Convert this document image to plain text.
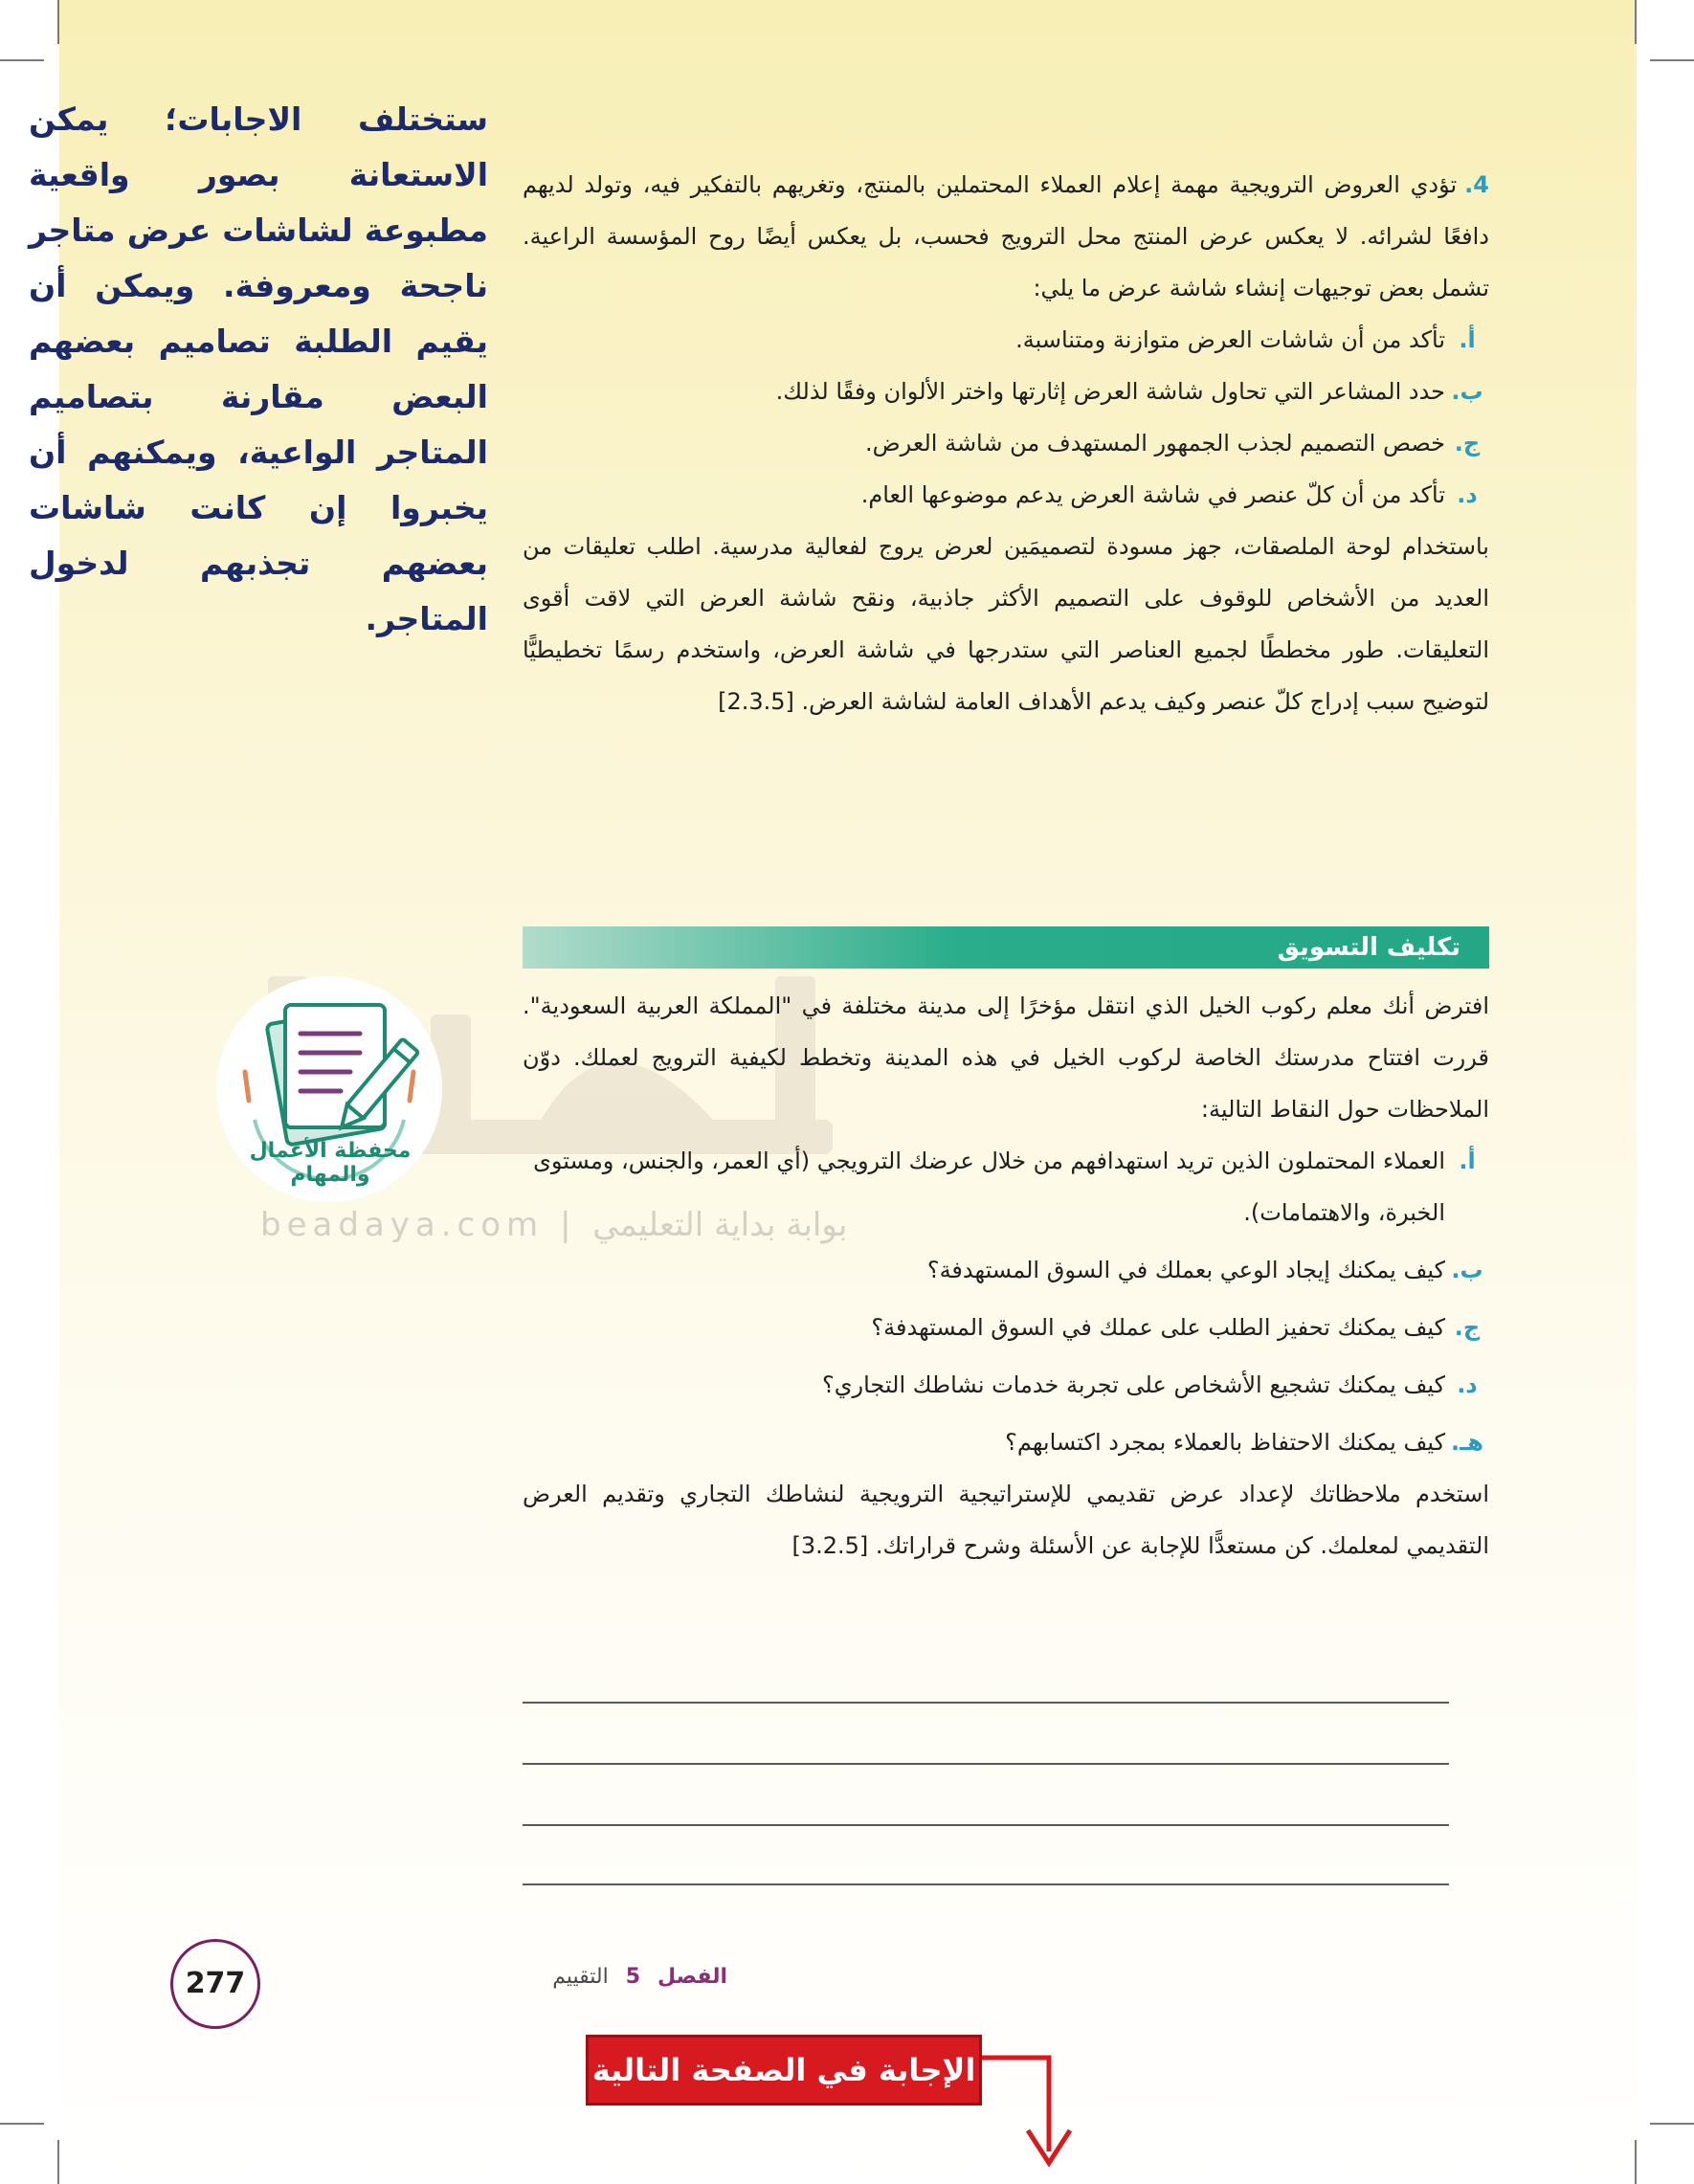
beadaya.com | بوابة بداية التعليمي
محفظة الأعمال والمهام
ستختلف الاجابات؛ يمكن الاستعانة بصور واقعية مطبوعة لشاشات عرض متاجر ناجحة ومعروفة. ويمكن أن يقيم الطلبة تصاميم بعضهم البعض مقارنة بتصاميم المتاجر الواعية، ويمكنهم أن يخبروا إن كانت شاشات بعضهم تجذبهم لدخول المتاجر.

4.تؤدي العروض الترويجية مهمة إعلام العملاء المحتملين بالمنتج، وتغريهم بالتفكير فيه، وتولد لديهم دافعًا لشرائه. لا يعكس عرض المنتج محل الترويج فحسب، بل يعكس أيضًا روح المؤسسة الراعية. تشمل بعض توجيهات إنشاء شاشة عرض ما يلي:

أ.
تأكد من أن شاشات العرض متوازنة ومتناسبة.
ب.
حدد المشاعر التي تحاول شاشة العرض إثارتها واختر الألوان وفقًا لذلك.
ج.
خصص التصميم لجذب الجمهور المستهدف من شاشة العرض.
د.
تأكد من أن كلّ عنصر في شاشة العرض يدعم موضوعها العام.

باستخدام لوحة الملصقات، جهز مسودة لتصميمَين لعرض يروج لفعالية مدرسية. اطلب تعليقات من العديد من الأشخاص للوقوف على التصميم الأكثر جاذبية، ونقح شاشة العرض التي لاقت أقوى التعليقات. طور مخططًا لجميع العناصر التي ستدرجها في شاشة العرض، واستخدم رسمًا تخطيطيًّا لتوضيح سبب إدراج كلّ عنصر وكيف يدعم الأهداف العامة لشاشة العرض. [2.3.5]

تكليف التسويق

افترض أنك معلم ركوب الخيل الذي انتقل مؤخرًا إلى مدينة مختلفة في "المملكة العربية السعودية". قررت افتتاح مدرستك الخاصة لركوب الخيل في هذه المدينة وتخطط لكيفية الترويج لعملك. دوّن الملاحظات حول النقاط التالية:

أ.
العملاء المحتملون الذين تريد استهدافهم من خلال عرضك الترويجي (أي العمر، والجنس، ومستوى الخبرة، والاهتمامات).
ب.
كيف يمكنك إيجاد الوعي بعملك في السوق المستهدفة؟
ج.
كيف يمكنك تحفيز الطلب على عملك في السوق المستهدفة؟
د.
كيف يمكنك تشجيع الأشخاص على تجربة خدمات نشاطك التجاري؟
هـ.
كيف يمكنك الاحتفاظ بالعملاء بمجرد اكتسابهم؟

استخدم ملاحظاتك لإعداد عرض تقديمي للإستراتيجية الترويجية لنشاطك التجاري وتقديم العرض التقديمي لمعلمك. كن مستعدًّا للإجابة عن الأسئلة وشرح قراراتك. [3.2.5]

277	الفصل5التقييم
الإجابة في الصفحة التالية
